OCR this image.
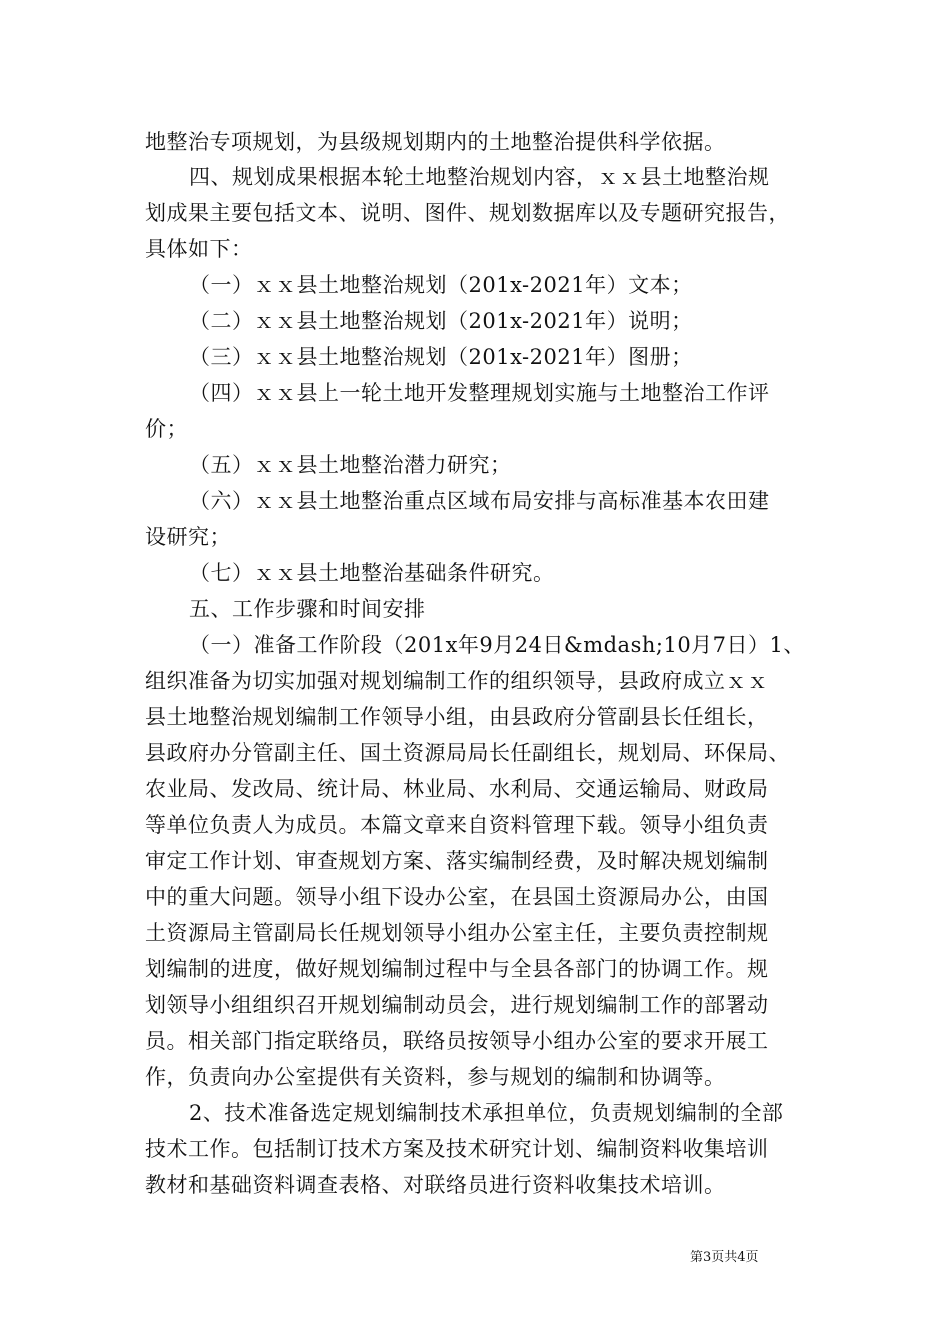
地整治专项规划，为县级规划期内的土地整治提供科学依据。
四、规划成果根据本轮土地整治规划内容，ｘｘ县土地整治规
划成果主要包括文本、说明、图件、规划数据库以及专题研究报告，
具体如下：
（一）ｘｘ县土地整治规划（201x-2021年）文本；
（二）ｘｘ县土地整治规划（201x-2021年）说明；
（三）ｘｘ县土地整治规划（201x-2021年）图册；
（四）ｘｘ县上一轮土地开发整理规划实施与土地整治工作评
价；
（五）ｘｘ县土地整治潜力研究；
（六）ｘｘ县土地整治重点区域布局安排与高标准基本农田建
设研究；
（七）ｘｘ县土地整治基础条件研究。
五、工作步骤和时间安排
（一）准备工作阶段（201x年9月24日&mdash;10月7日）1、
组织准备为切实加强对规划编制工作的组织领导，县政府成立ｘｘ
县土地整治规划编制工作领导小组，由县政府分管副县长任组长，
县政府办分管副主任、国土资源局局长任副组长，规划局、环保局、
农业局、发改局、统计局、林业局、水利局、交通运输局、财政局
等单位负责人为成员。本篇文章来自资料管理下载。领导小组负责
审定工作计划、审查规划方案、落实编制经费，及时解决规划编制
中的重大问题。领导小组下设办公室，在县国土资源局办公，由国
土资源局主管副局长任规划领导小组办公室主任，主要负责控制规
划编制的进度，做好规划编制过程中与全县各部门的协调工作。规
划领导小组组织召开规划编制动员会，进行规划编制工作的部署动
员。相关部门指定联络员，联络员按领导小组办公室的要求开展工
作，负责向办公室提供有关资料，参与规划的编制和协调等。
2、技术准备选定规划编制技术承担单位，负责规划编制的全部
技术工作。包括制订技术方案及技术研究计划、编制资料收集培训
教材和基础资料调查表格、对联络员进行资料收集技术培训。
第3页共4页
